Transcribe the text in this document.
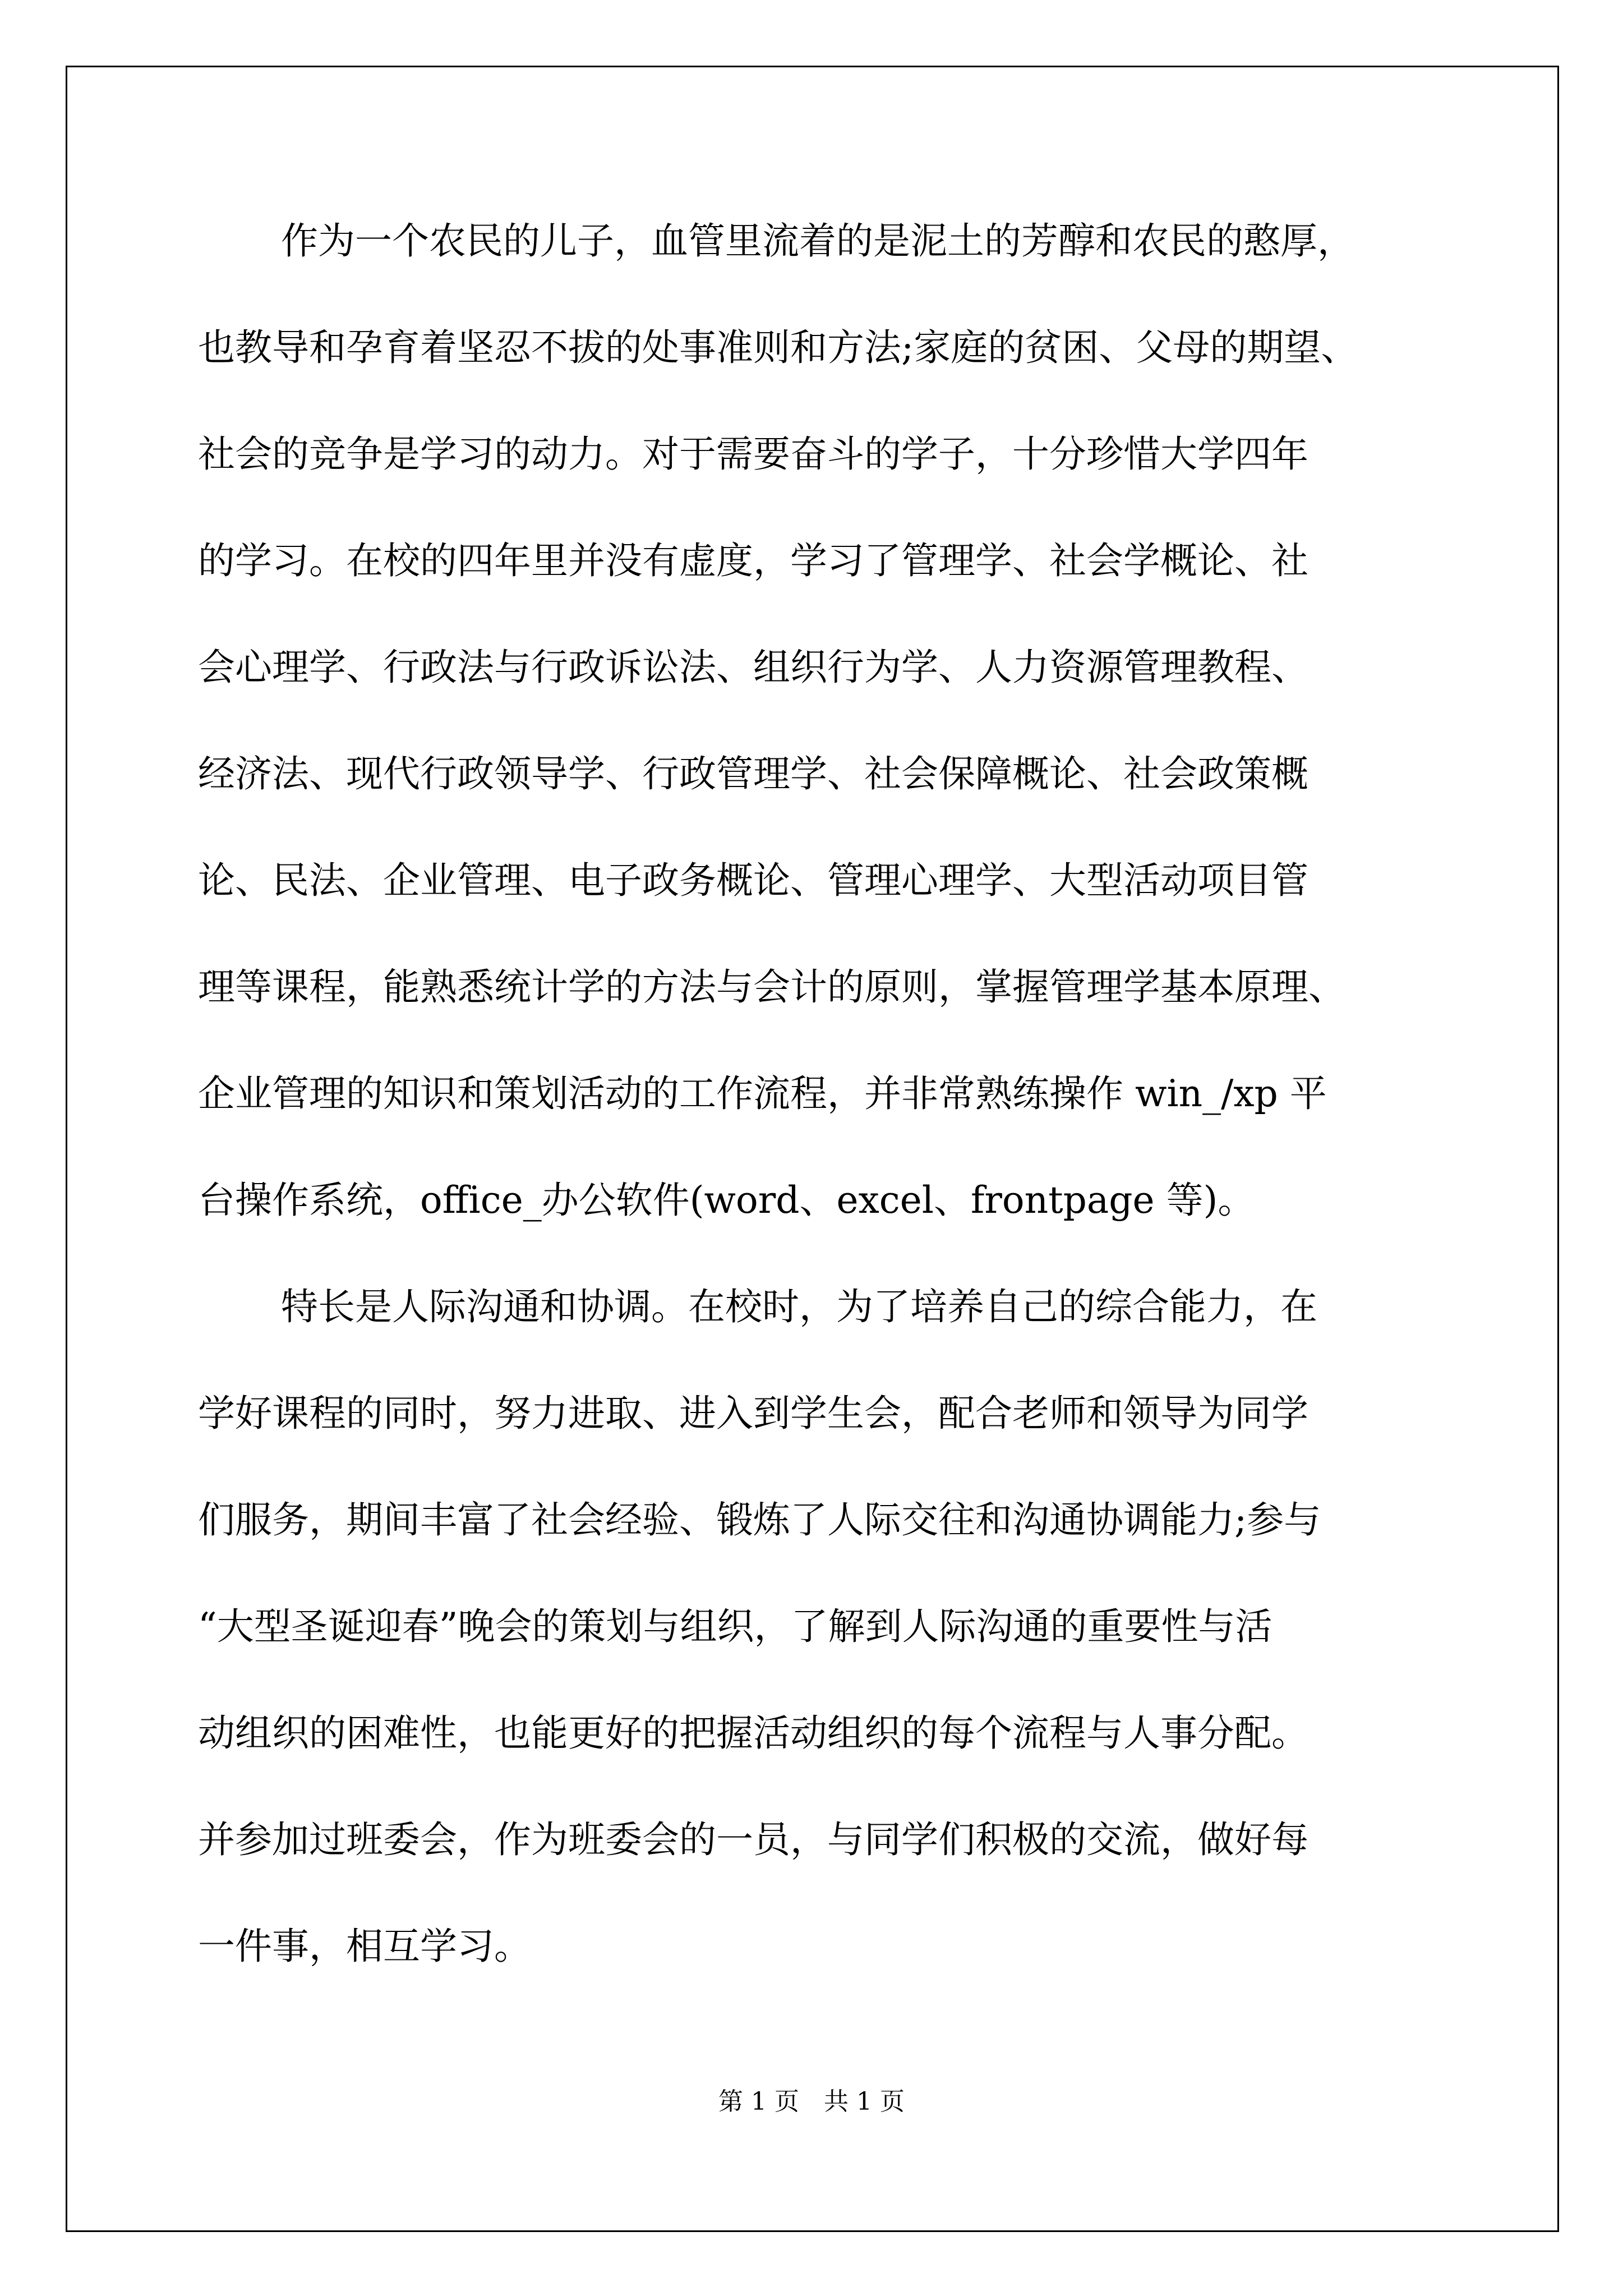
作为一个农民的儿子，血管里流着的是泥土的芳醇和农民的憨厚，
也教导和孕育着坚忍不拔的处事准则和方法;家庭的贫困、父母的期望、
社会的竞争是学习的动力。对于需要奋斗的学子，十分珍惜大学四年
的学习。在校的四年里并没有虚度，学习了管理学、社会学概论、社
会心理学、行政法与行政诉讼法、组织行为学、人力资源管理教程、
经济法、现代行政领导学、行政管理学、社会保障概论、社会政策概
论、民法、企业管理、电子政务概论、管理心理学、大型活动项目管
理等课程，能熟悉统计学的方法与会计的原则，掌握管理学基本原理、
企业管理的知识和策划活动的工作流程，并非常熟练操作 win_/xp 平
台操作系统，office_办公软件(word、excel、frontpage 等)。
特长是人际沟通和协调。在校时，为了培养自己的综合能力，在
学好课程的同时，努力进取、进入到学生会，配合老师和领导为同学
们服务，期间丰富了社会经验、锻炼了人际交往和沟通协调能力;参与
“大型圣诞迎春”晚会的策划与组织，了解到人际沟通的重要性与活
动组织的困难性，也能更好的把握活动组织的每个流程与人事分配。
并参加过班委会，作为班委会的一员，与同学们积极的交流，做好每
一件事，相互学习。
第 1 页　共 1 页
